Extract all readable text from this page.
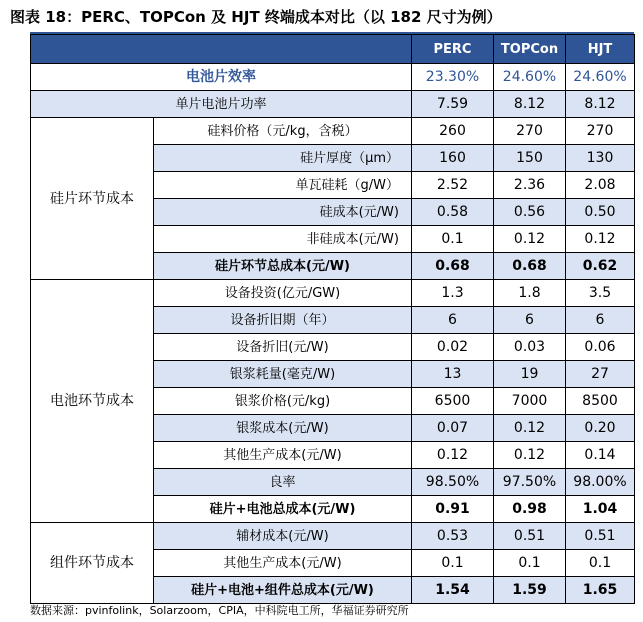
图表 18：PERC、TOPCon 及 HJT 终端成本对比（以 182 尺寸为例）
		PERC	TOPCon	HJT
电池片效率		23.30%	24.60%	24.60%
单片电池片功率		7.59	8.12	8.12
硅片环节成本	硅料价格（元/kg，含税）	260	270	270
	硅片厚度（μm）	160	150	130
	单瓦硅耗（g/W）	2.52	2.36	2.08
	硅成本(元/W)	0.58	0.56	0.50
	非硅成本(元/W)	0.1	0.12	0.12
	硅片环节总成本(元/W)	0.68	0.68	0.62
电池环节成本	设备投资(亿元/GW)	1.3	1.8	3.5
	设备折旧期（年）	6	6	6
	设备折旧(元/W)	0.02	0.03	0.06
	银浆耗量(毫克/W)	13	19	27
	银浆价格(元/kg)	6500	7000	8500
	银浆成本(元/W)	0.07	0.12	0.20
	其他生产成本(元/W)	0.12	0.12	0.14
	良率	98.50%	97.50%	98.00%
	硅片+电池总成本(元/W)	0.91	0.98	1.04
组件环节成本	辅材成本(元/W)	0.53	0.51	0.51
	其他生产成本(元/W)	0.1	0.1	0.1
	硅片+电池+组件总成本(元/W)	1.54	1.59	1.65
数据来源：pvinfolink，Solarzoom，CPIA，中科院电工所，华福证券研究所
